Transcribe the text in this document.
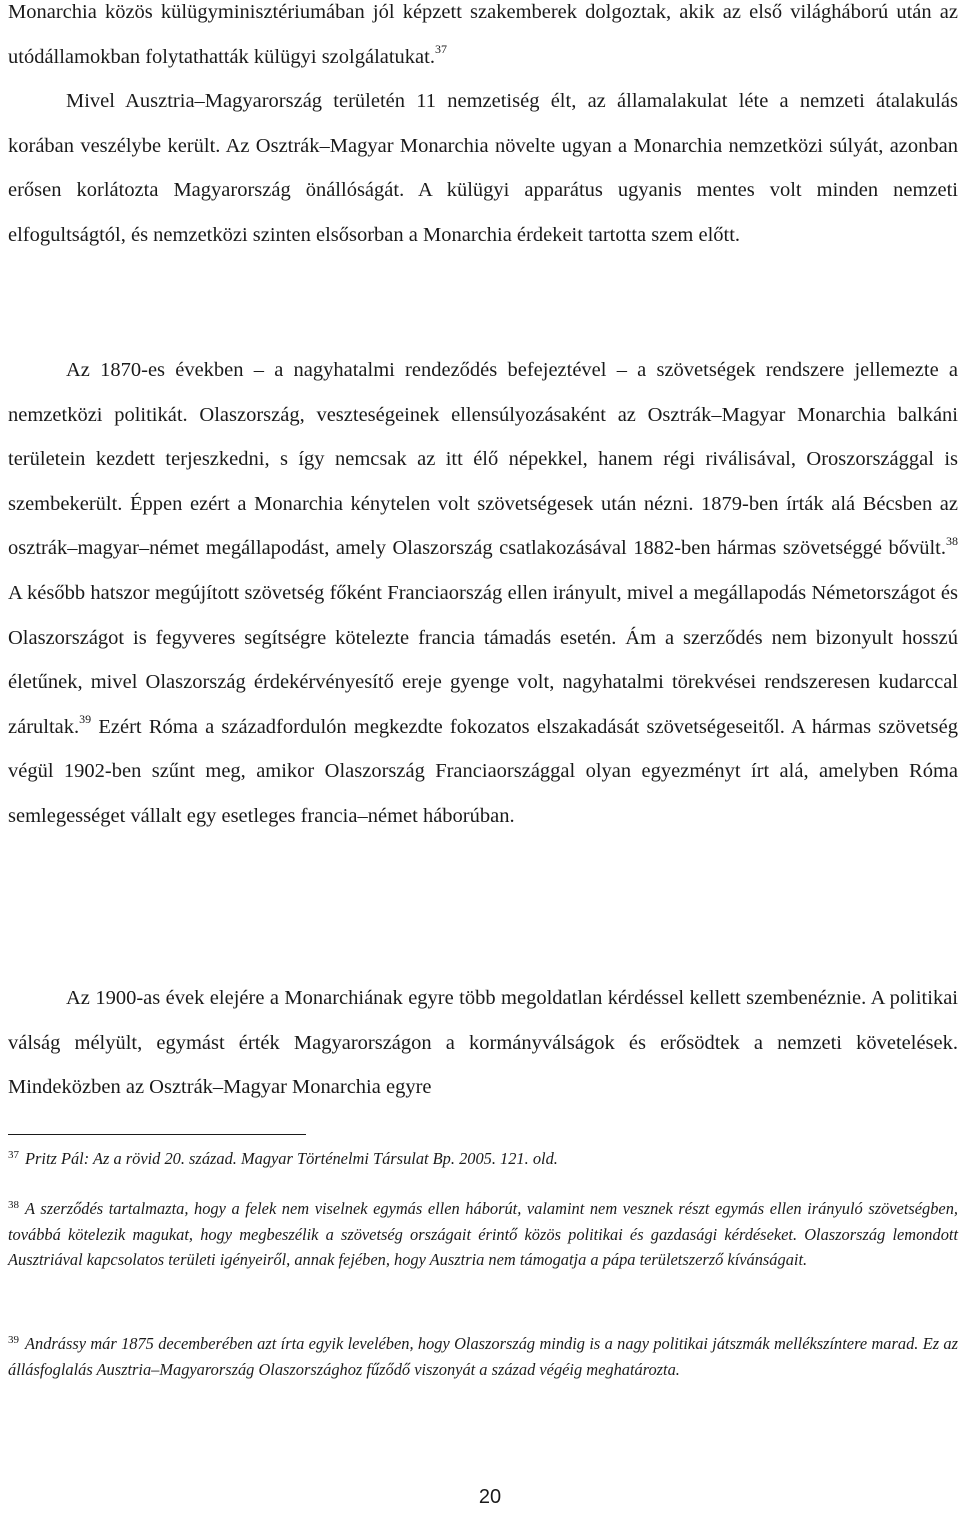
Monarchia közös külügyminisztériumában jól képzett szakemberek dolgoztak, akik az első világháború után az utódállamokban folytathatták külügyi szolgálatukat.$^{37}$
Mivel Ausztria–Magyarország területén 11 nemzetiség élt, az államalakulat léte a nemzeti átalakulás korában veszélybe került. Az Osztrák–Magyar Monarchia növelte ugyan a Monarchia nemzetközi súlyát, azonban erősen korlátozta Magyarország önállóságát. A külügyi apparátus ugyanis mentes volt minden nemzeti elfogultságtól, és nemzetközi szinten elsősorban a Monarchia érdekeit tartotta szem előtt.

Az 1870-es években – a nagyhatalmi rendeződés befejeztével – a szövetségek rendszere jellemezte a nemzetközi politikát. Olaszország, veszteségeinek ellensúlyozásaként az Osztrák–Magyar Monarchia balkáni területein kezdett terjeszkedni, s így nemcsak az itt élő népekkel, hanem régi riválisával, Oroszországgal is szembekerült. Éppen ezért a Monarchia kénytelen volt szövetségesek után nézni. 1879-ben írták alá Bécsben az osztrák–magyar–német megállapodást, amely Olaszország csatlakozásával 1882-ben hármas szövetséggé bővült.$^{38}$ A később hatszor megújított szövetség főként Franciaország ellen irányult, mivel a megállapodás Németországot és Olaszországot is fegyveres segítségre kötelezte francia támadás esetén. Ám a szerződés nem bizonyult hosszú életűnek, mivel Olaszország érdekérvényesítő ereje gyenge volt, nagyhatalmi törekvései rendszeresen kudarccal zárultak.$^{39}$ Ezért Róma a századfordulón megkezdte fokozatos elszakadását szövetségeseitől. A hármas szövetség végül 1902-ben szűnt meg, amikor Olaszország Franciaországgal olyan egyezményt írt alá, amelyben Róma semlegességet vállalt egy esetleges francia–német háborúban.

Az 1900-as évek elejére a Monarchiának egyre több megoldatlan kérdéssel kellett szembenéznie. A politikai válság mélyült, egymást érték Magyarországon a kormányválságok és erősödtek a nemzeti követelések. Mindeközben az Osztrák–Magyar Monarchia egyre

$^{37}$ Pritz Pál: Az a rövid 20. század. Magyar Történelmi Társulat Bp. 2005. 121. old.

$^{38}$ A szerződés tartalmazta, hogy a felek nem viselnek egymás ellen háborút, valamint nem vesznek részt egymás ellen irányuló szövetségben, továbbá kötelezik magukat, hogy megbeszélik a szövetség országait érintő közös politikai és gazdasági kérdéseket. Olaszország lemondott Ausztriával kapcsolatos területi igényeiről, annak fejében, hogy Ausztria nem támogatja a pápa területszerző kívánságait.

$^{39}$ Andrássy már 1875 decemberében azt írta egyik levelében, hogy Olaszország mindig is a nagy politikai játszmák mellékszíntere marad. Ez az állásfoglalás Ausztria–Magyarország Olaszországhoz fűződő viszonyát a század végéig meghatározta.

20
